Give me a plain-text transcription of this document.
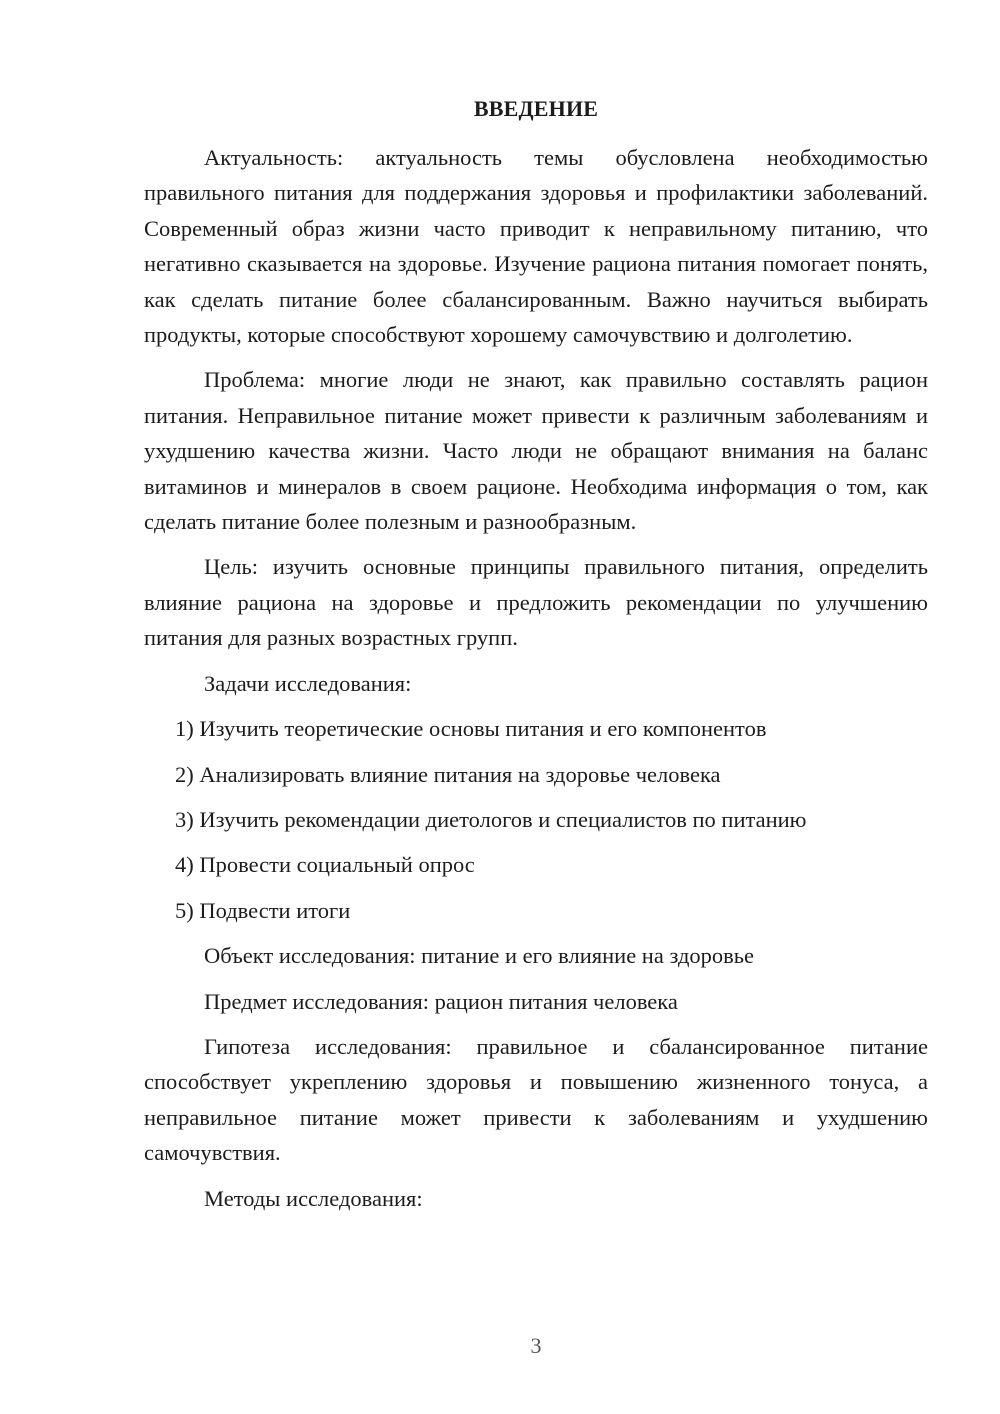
ВВЕДЕНИЕ

Актуальность: актуальность темы обусловлена необходимостью правильного питания для поддержания здоровья и профилактики заболеваний. Современный образ жизни часто приводит к неправильному питанию, что негативно сказывается на здоровье. Изучение рациона питания помогает понять, как сделать питание более сбалансированным. Важно научиться выбирать продукты, которые способствуют хорошему самочувствию и долголетию.

Проблема: многие люди не знают, как правильно составлять рацион питания. Неправильное питание может привести к различным заболеваниям и ухудшению качества жизни. Часто люди не обращают внимания на баланс витаминов и минералов в своем рационе. Необходима информация о том, как сделать питание более полезным и разнообразным.

Цель: изучить основные принципы правильного питания, определить влияние рациона на здоровье и предложить рекомендации по улучшению питания для разных возрастных групп.

Задачи исследования:

1) Изучить теоретические основы питания и его компонентов
2) Анализировать влияние питания на здоровье человека
3) Изучить рекомендации диетологов и специалистов по питанию
4) Провести социальный опрос
5) Подвести итоги

Объект исследования: питание и его влияние на здоровье

Предмет исследования: рацион питания человека

Гипотеза исследования: правильное и сбалансированное питание способствует укреплению здоровья и повышению жизненного тонуса, а неправильное питание может привести к заболеваниям и ухудшению самочувствия.

Методы исследования:

3
